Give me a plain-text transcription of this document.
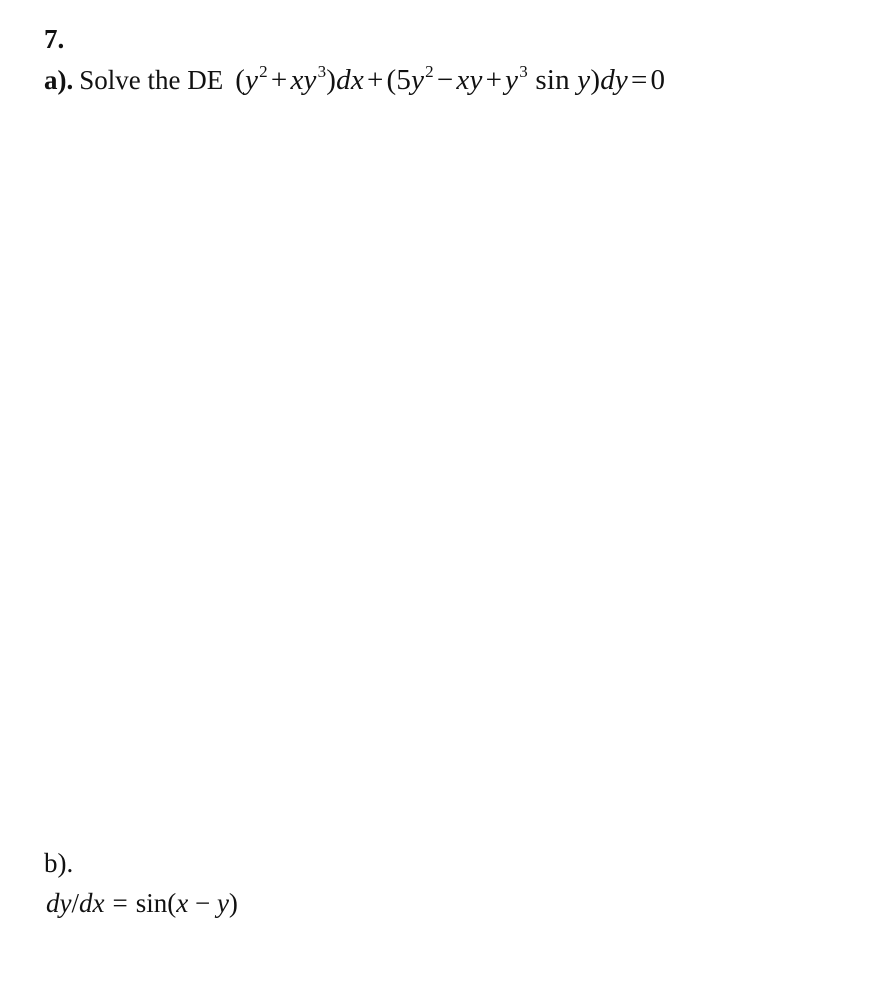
7.
a). Solve the DE $(y^2 + xy^3)dx + (5y^2$ − xy + $y^3$ sin y)dy = 0
b).
dy/dx = sin(x − y)
